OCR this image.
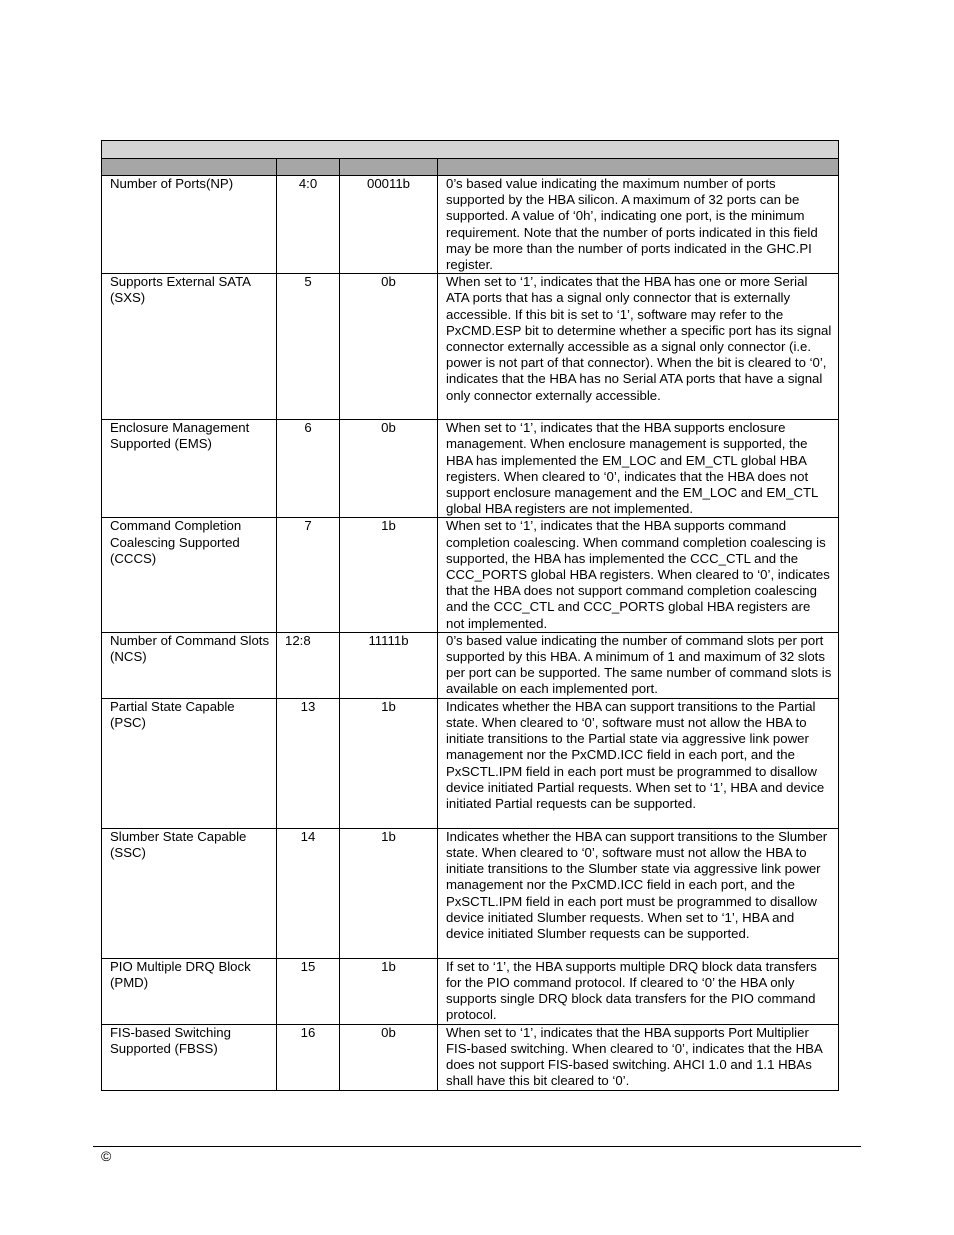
Number of Ports(NP)	4:0	00011b	0’s based value indicating the maximum number of ports supported by the HBA silicon. A maximum of 32 ports can be supported. A value of ‘0h’, indicating one port, is the minimum requirement. Note that the number of ports indicated in this field may be more than the number of ports indicated in the GHC.PI register.
Supports External SATA (SXS)	5	0b	When set to ‘1’, indicates that the HBA has one or more Serial ATA ports that has a signal only connector that is externally accessible. If this bit is set to ‘1’, software may refer to the PxCMD.ESP bit to determine whether a specific port has its signal connector externally accessible as a signal only connector (i.e. power is not part of that connector). When the bit is cleared to ‘0’, indicates that the HBA has no Serial ATA ports that have a signal only connector externally accessible.
Enclosure Management Supported (EMS)	6	0b	When set to ‘1’, indicates that the HBA supports enclosure management. When enclosure management is supported, the HBA has implemented the EM_LOC and EM_CTL global HBA registers. When cleared to ‘0’, indicates that the HBA does not support enclosure management and the EM_LOC and EM_CTL global HBA registers are not implemented.
Command Completion Coalescing Supported (CCCS)	7	1b	When set to ‘1’, indicates that the HBA supports command completion coalescing. When command completion coalescing is supported, the HBA has implemented the CCC_CTL and the CCC_PORTS global HBA registers. When cleared to ‘0’, indicates that the HBA does not support command completion coalescing and the CCC_CTL and CCC_PORTS global HBA registers are not implemented.
Number of Command Slots (NCS)	12:8	11111b	0’s based value indicating the number of command slots per port supported by this HBA. A minimum of 1 and maximum of 32 slots per port can be supported. The same number of command slots is available on each implemented port.
Partial State Capable (PSC)	13	1b	Indicates whether the HBA can support transitions to the Partial state. When cleared to ‘0’, software must not allow the HBA to initiate transitions to the Partial state via aggressive link power management nor the PxCMD.ICC field in each port, and the PxSCTL.IPM field in each port must be programmed to disallow device initiated Partial requests. When set to ‘1’, HBA and device initiated Partial requests can be supported.
Slumber State Capable (SSC)	14	1b	Indicates whether the HBA can support transitions to the Slumber state. When cleared to ‘0’, software must not allow the HBA to initiate transitions to the Slumber state via aggressive link power management nor the PxCMD.ICC field in each port, and the PxSCTL.IPM field in each port must be programmed to disallow device initiated Slumber requests. When set to ‘1’, HBA and device initiated Slumber requests can be supported.
PIO Multiple DRQ Block (PMD)	15	1b	If set to ‘1’, the HBA supports multiple DRQ block data transfers for the PIO command protocol. If cleared to ‘0’ the HBA only supports single DRQ block data transfers for the PIO command protocol.
FIS-based Switching Supported (FBSS)	16	0b	When set to ‘1’, indicates that the HBA supports Port Multiplier FIS-based switching. When cleared to ‘0’, indicates that the HBA does not support FIS-based switching. AHCI 1.0 and 1.1 HBAs shall have this bit cleared to ‘0’.
©
